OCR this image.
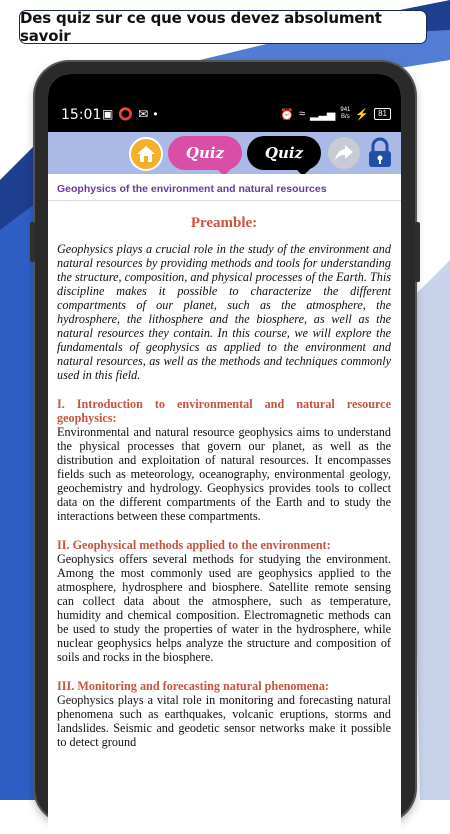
Des quiz sur ce que vous devez absolument savoir
15:01 ▣ ⭕ ✉ •	⏰ ≈ ▂▃▅ 941
B/s ⚡	81
Quiz	Quiz
Geophysics of the environment and natural resources
Preamble:

Geophysics plays a crucial role in the study of the environment and natural resources by providing methods and tools for understanding the structure, composition, and physical processes of the Earth. This discipline makes it possible to characterize the different compartments of our planet, such as the atmosphere, the hydrosphere, the lithosphere and the biosphere, as well as the natural resources they contain. In this course, we will explore the fundamentals of geophysics as applied to the environment and natural resources, as well as the methods and techniques commonly used in this field.

I. Introduction to environmental and natural resource geophysics:

Environmental and natural resource geophysics aims to understand the physical processes that govern our planet, as well as the distribution and exploitation of natural resources. It encompasses fields such as meteorology, oceanography, environmental geology, geochemistry and hydrology. Geophysics provides tools to collect data on the different compartments of the Earth and to study the interactions between these compartments.

II. Geophysical methods applied to the environment:

Geophysics offers several methods for studying the environment. Among the most commonly used are geophysics applied to the atmosphere, hydrosphere and biosphere. Satellite remote sensing can collect data about the atmosphere, such as temperature, humidity and chemical composition. Electromagnetic methods can be used to study the properties of water in the hydrosphere, while nuclear geophysics helps analyze the structure and composition of soils and rocks in the biosphere.

III. Monitoring and forecasting natural phenomena:

Geophysics plays a vital role in monitoring and forecasting natural phenomena such as earthquakes, volcanic eruptions, storms and landslides. Seismic and geodetic sensor networks make it possible to detect ground
